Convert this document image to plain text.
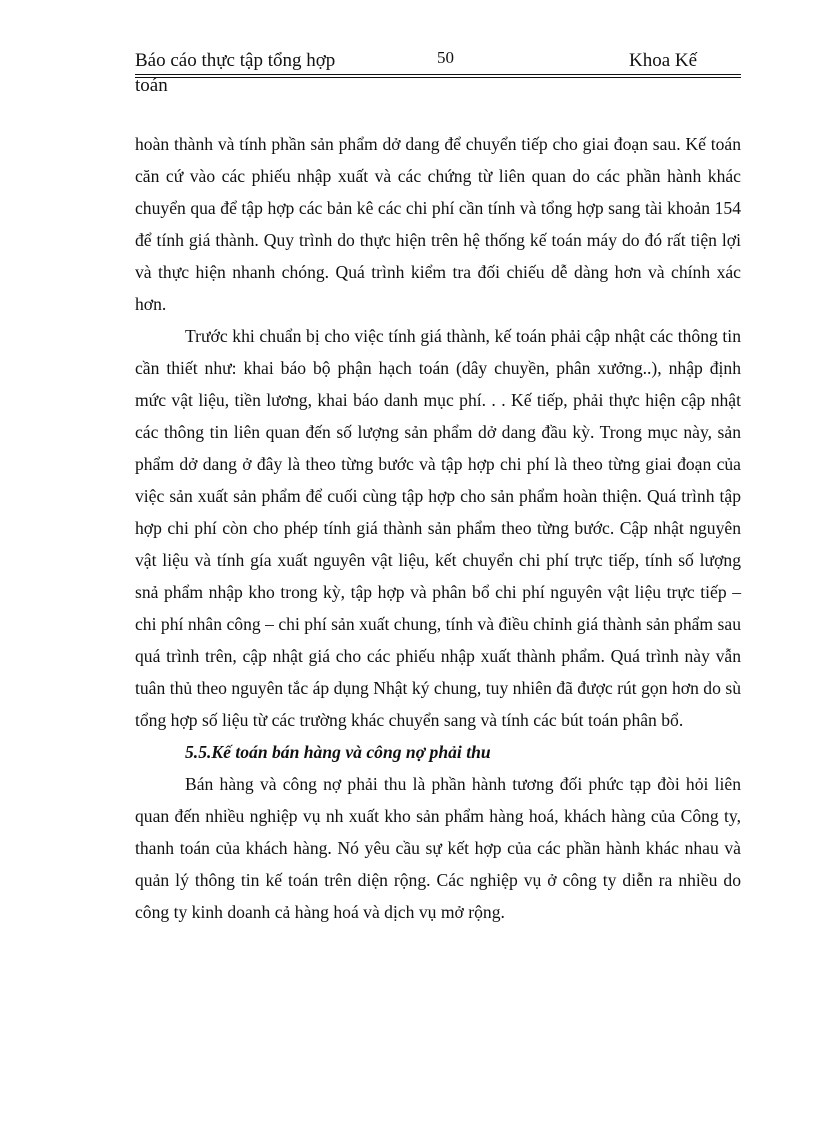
Báo cáo thực tập tổng hợp	50	Khoa Kế
toán

hoàn thành và tính phần sản phẩm dở dang để chuyển tiếp cho giai đoạn sau. Kế toán căn cứ vào các phiếu nhập xuất và các chứng từ liên quan do các phần hành khác chuyển qua để tập hợp các bản kê các chi phí cần tính và tổng hợp sang tài khoản 154 để tính giá thành. Quy trình do thực hiện trên hệ thống kế toán máy do đó rất tiện lợi và thực hiện nhanh chóng. Quá trình kiểm tra đối chiếu dễ dàng hơn và chính xác hơn.

Trước khi chuẩn bị cho việc tính giá thành, kế toán phải cập nhật các thông tin cần thiết như: khai báo bộ phận hạch toán (dây chuyền, phân xưởng..), nhập định mức vật liệu, tiền lương, khai báo danh mục phí. . . Kế tiếp, phải thực hiện cập nhật các thông tin liên quan đến số lượng sản phẩm dở dang đầu kỳ. Trong mục này, sản phẩm dở dang ở đây là theo từng bước và tập hợp chi phí là theo từng giai đoạn của việc sản xuất sản phẩm để cuối cùng tập hợp cho sản phẩm hoàn thiện. Quá trình tập hợp chi phí còn cho phép tính giá thành sản phẩm theo từng bước. Cập nhật nguyên vật liệu và tính gía xuất nguyên vật liệu, kết chuyển chi phí trực tiếp, tính số lượng snả phẩm nhập kho trong kỳ, tập hợp và phân bổ chi phí nguyên vật liệu trực tiếp – chi phí nhân công – chi phí sản xuất chung, tính và điều chỉnh giá thành sản phẩm sau quá trình trên, cập nhật giá cho các phiếu nhập xuất thành phẩm. Quá trình này vẫn tuân thủ theo nguyên tắc áp dụng Nhật ký chung, tuy nhiên đã được rút gọn hơn do sù tổng hợp số liệu từ các trường khác chuyển sang và tính các bút toán phân bổ.

5.5.Kế toán bán hàng và công nợ phải thu

Bán hàng và công nợ phải thu là phần hành tương đối phức tạp đòi hỏi liên quan đến nhiều nghiệp vụ nh xuất kho sản phẩm hàng hoá, khách hàng của Công ty, thanh toán của khách hàng. Nó yêu cầu sự kết hợp của các phần hành khác nhau và quản lý thông tin kế toán trên diện rộng. Các nghiệp vụ ở công ty diễn ra nhiều do công ty kinh doanh cả hàng hoá và dịch vụ mở rộng.
